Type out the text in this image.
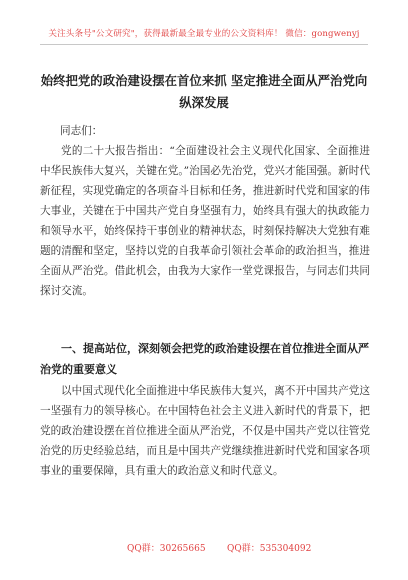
关注头条号"公文研究"，获得最新最全最专业的公文资料库！ 微信：gongwenyj
始终把党的政治建设摆在首位来抓 坚定推进全面从严治党向纵深发展
同志们：
党的二十大报告指出：“全面建设社会主义现代化国家、全面推进中华民族伟大复兴，关键在党。”治国必先治党，党兴才能国强。新时代新征程，实现党确定的各项奋斗目标和任务，推进新时代党和国家的伟大事业，关键在于中国共产党自身坚强有力，始终具有强大的执政能力和领导水平，始终保持干事创业的精神状态，时刻保持解决大党独有难题的清醒和坚定，坚持以党的自我革命引领社会革命的政治担当，推进全面从严治党。借此机会，由我为大家作一堂党课报告，与同志们共同探讨交流。
一、提高站位，深刻领会把党的政治建设摆在首位推进全面从严治党的重要意义
以中国式现代化全面推进中华民族伟大复兴，离不开中国共产党这一坚强有力的领导核心。在中国特色社会主义进入新时代的背景下，把党的政治建设摆在首位推进全面从严治党，不仅是中国共产党以往管党治党的历史经验总结，而且是中国共产党继续推进新时代党和国家各项事业的重要保障，具有重大的政治意义和时代意义。
QQ群：30265665 QQ群：535304092
